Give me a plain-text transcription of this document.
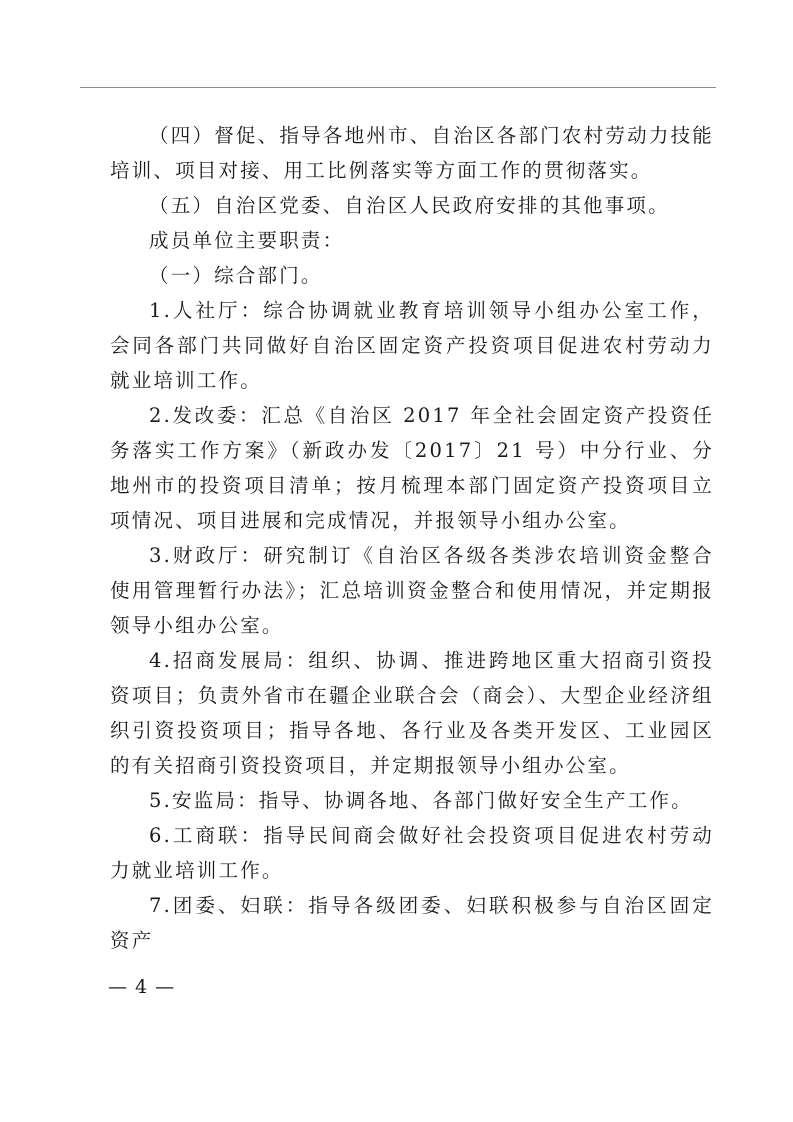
（四）督促、指导各地州市、自治区各部门农村劳动力技能培训、项目对接、用工比例落实等方面工作的贯彻落实。

（五）自治区党委、自治区人民政府安排的其他事项。

成员单位主要职责：

（一）综合部门。

1.人社厅：综合协调就业教育培训领导小组办公室工作，会同各部门共同做好自治区固定资产投资项目促进农村劳动力就业培训工作。

2.发改委：汇总《自治区 2017 年全社会固定资产投资任务落实工作方案》（新政办发〔2017〕21 号）中分行业、分地州市的投资项目清单；按月梳理本部门固定资产投资项目立项情况、项目进展和完成情况，并报领导小组办公室。

3.财政厅：研究制订《自治区各级各类涉农培训资金整合使用管理暂行办法》；汇总培训资金整合和使用情况，并定期报领导小组办公室。

4.招商发展局：组织、协调、推进跨地区重大招商引资投资项目；负责外省市在疆企业联合会（商会）、大型企业经济组织引资投资项目；指导各地、各行业及各类开发区、工业园区的有关招商引资投资项目，并定期报领导小组办公室。

5.安监局：指导、协调各地、各部门做好安全生产工作。

6.工商联：指导民间商会做好社会投资项目促进农村劳动力就业培训工作。

7.团委、妇联：指导各级团委、妇联积极参与自治区固定资产

— 4 —
